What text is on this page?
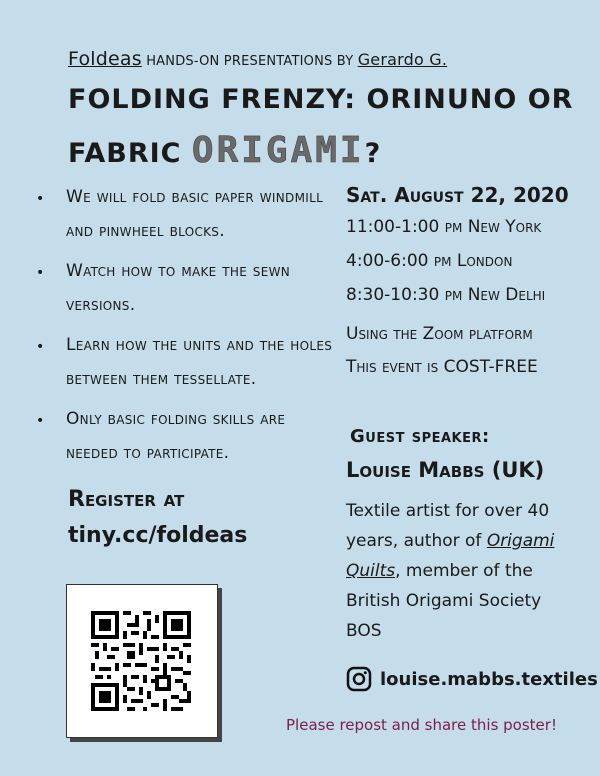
Foldeas HANDS-ON PRESENTATIONS BY Gerardo G.
FOLDING FRENZY: ORINUNO OR
FABRIC ORIGAMI?
• We will fold basic paper windmill and pinwheel blocks.
• Watch how to make the sewn versions.
• Learn how the units and the holes between them tessellate.
• Only basic folding skills are needed to participate.
Register at
tiny.cc/foldeas
Sat. August 22, 2020
11:00-1:00 pm New York
4:00-6:00 pm London
8:30-10:30 pm New Delhi
Using the Zoom platform
This event is COST-FREE
Guest speaker:
Louise Mabbs (UK)
Textile artist for over 40 years, author of Origami Quilts, member of the British Origami Society BOS
louise.mabbs.textiles
Please repost and share this poster!
